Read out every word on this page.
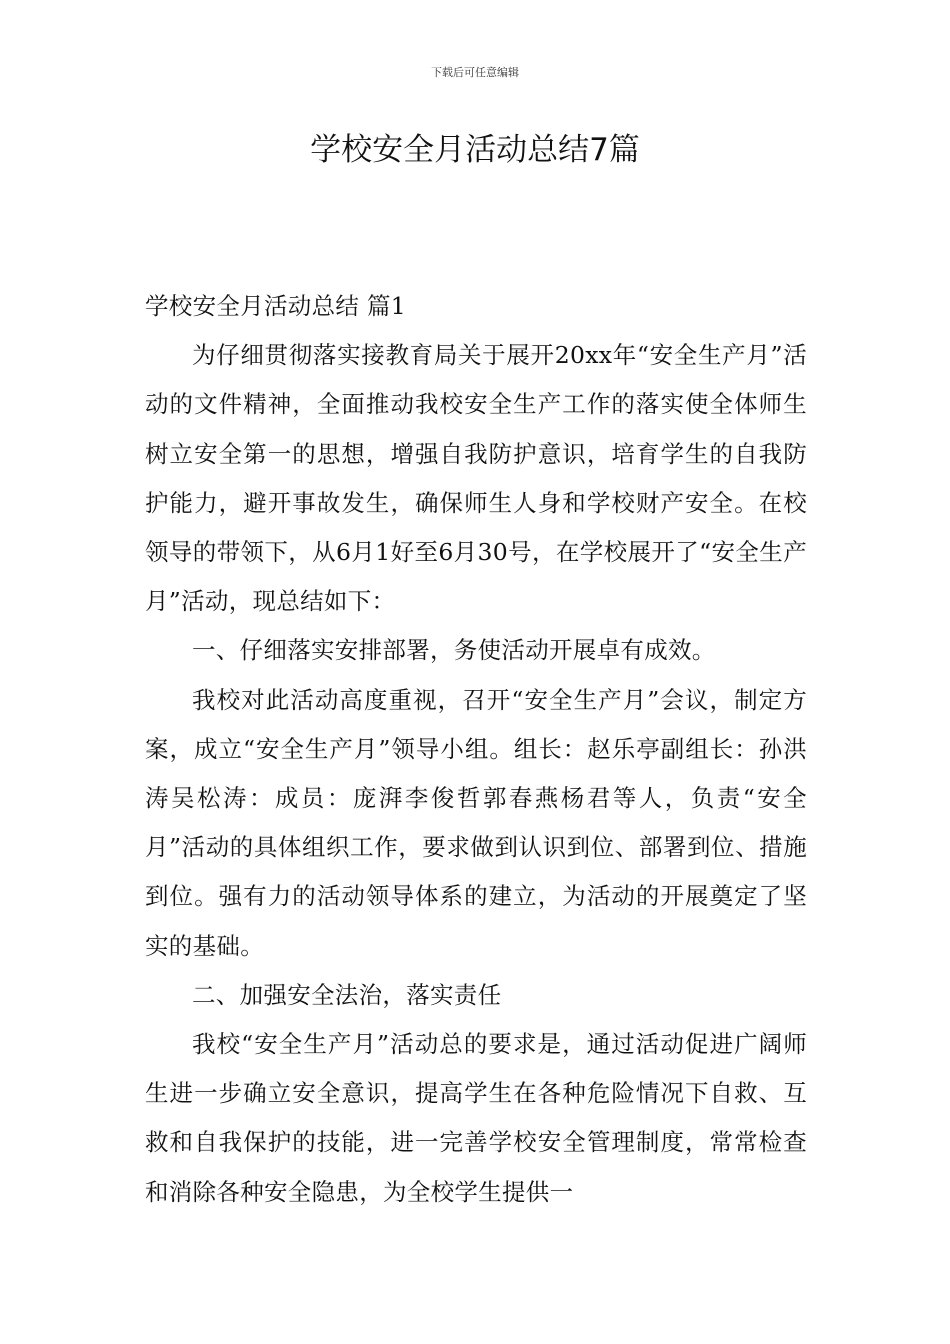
下载后可任意编辑
学校安全月活动总结7篇

学校安全月活动总结 篇1

为仔细贯彻落实接教育局关于展开20xx年“安全生产月”活动的文件精神，全面推动我校安全生产工作的落实使全体师生树立安全第一的思想，增强自我防护意识，培育学生的自我防护能力，避开事故发生，确保师生人身和学校财产安全。在校领导的带领下，从6月1好至6月30号，在学校展开了“安全生产月”活动，现总结如下：

一、仔细落实安排部署，务使活动开展卓有成效。

我校对此活动高度重视，召开“安全生产月”会议，制定方案，成立“安全生产月”领导小组。组长：赵乐亭副组长：孙洪涛吴松涛：成员：庞湃李俊哲郭春燕杨君等人，负责“安全月”活动的具体组织工作，要求做到认识到位、部署到位、措施到位。强有力的活动领导体系的建立，为活动的开展奠定了坚实的基础。

二、加强安全法治，落实责任

我校“安全生产月”活动总的要求是，通过活动促进广阔师生进一步确立安全意识，提高学生在各种危险情况下自救、互救和自我保护的技能，进一完善学校安全管理制度，常常检查和消除各种安全隐患，为全校学生提供一
